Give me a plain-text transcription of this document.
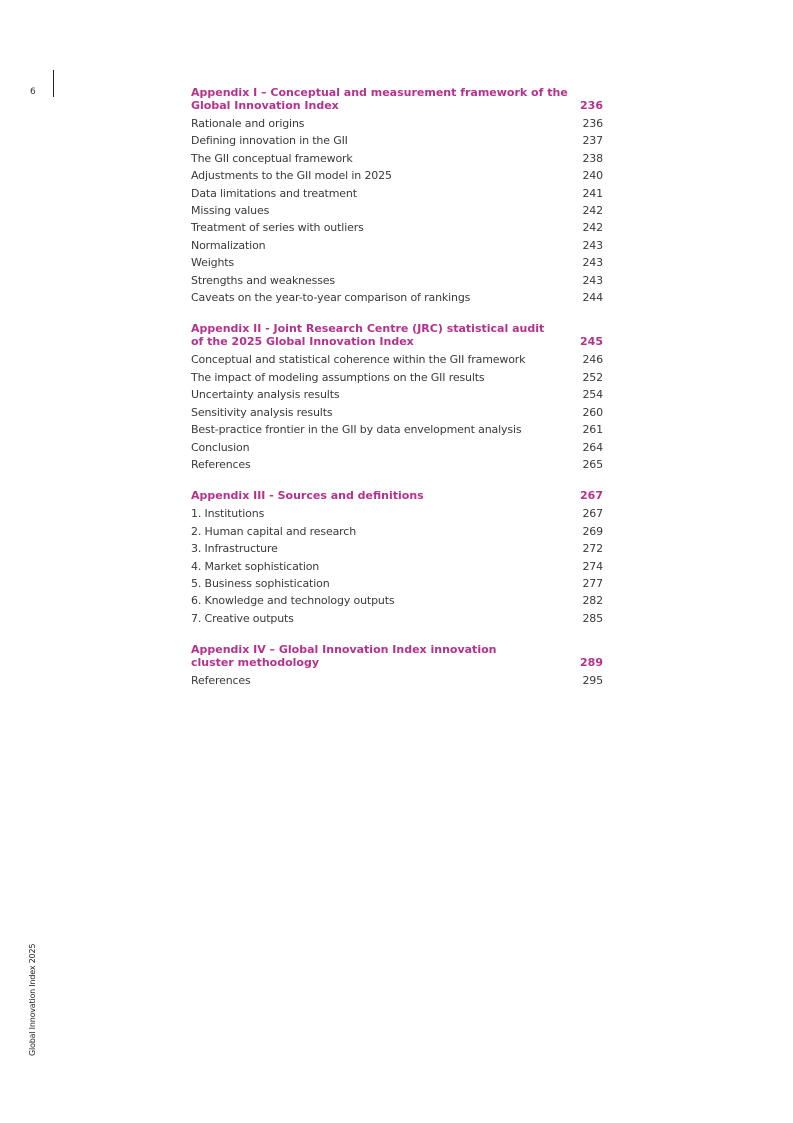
6
Global Innovation Index 2025
Appendix I – Conceptual and measurement framework of the
Global Innovation Index	236
Rationale and origins	236
Defining innovation in the GII	237
The GII conceptual framework	238
Adjustments to the GII model in 2025	240
Data limitations and treatment	241
Missing values	242
Treatment of series with outliers	242
Normalization	243
Weights	243
Strengths and weaknesses	243
Caveats on the year-to-year comparison of rankings	244
Appendix II - Joint Research Centre (JRC) statistical audit
of the 2025 Global Innovation Index	245
Conceptual and statistical coherence within the GII framework	246
The impact of modeling assumptions on the GII results	252
Uncertainty analysis results	254
Sensitivity analysis results	260
Best-practice frontier in the GII by data envelopment analysis	261
Conclusion	264
References	265
Appendix III - Sources and definitions	267
1. Institutions	267
2. Human capital and research	269
3. Infrastructure	272
4. Market sophistication	274
5. Business sophistication	277
6. Knowledge and technology outputs	282
7. Creative outputs	285
Appendix IV – Global Innovation Index innovation
cluster methodology	289
References	295
